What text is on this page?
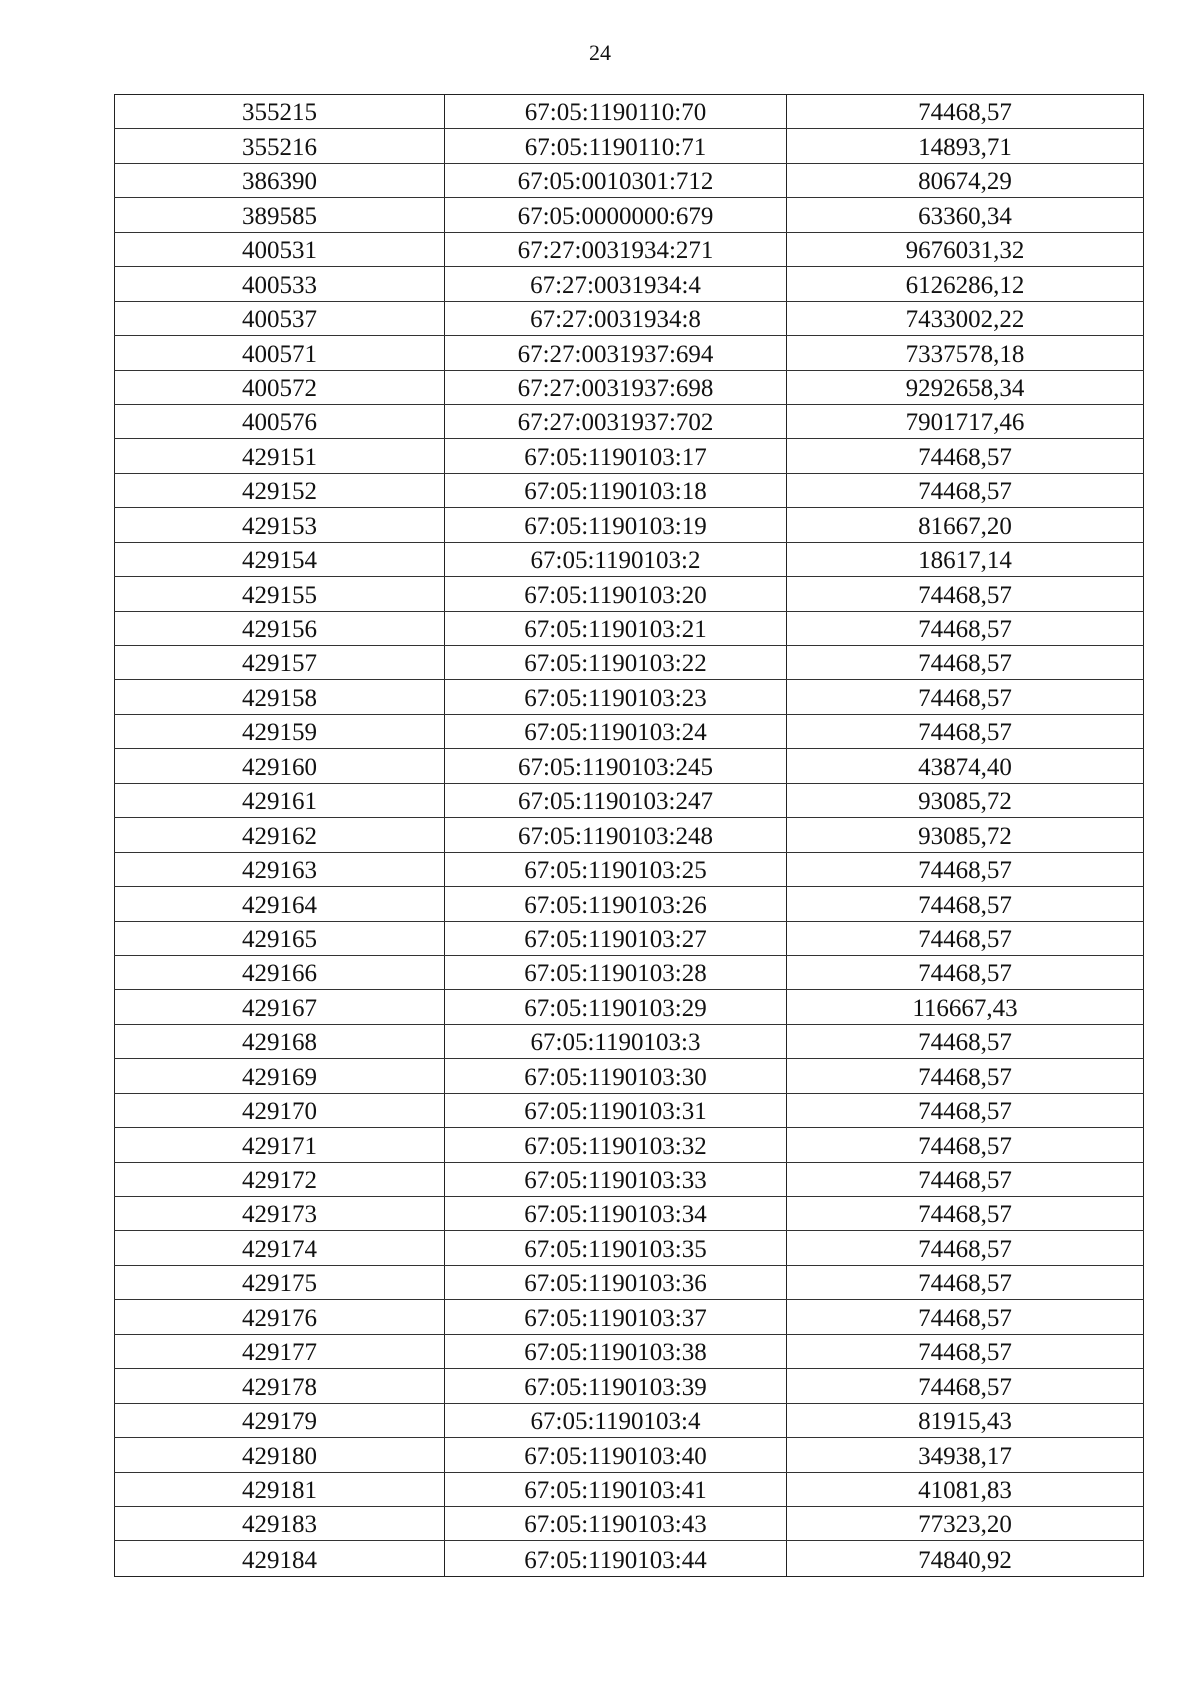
24
355215	67:05:1190110:70	74468,57
355216	67:05:1190110:71	14893,71
386390	67:05:0010301:712	80674,29
389585	67:05:0000000:679	63360,34
400531	67:27:0031934:271	9676031,32
400533	67:27:0031934:4	6126286,12
400537	67:27:0031934:8	7433002,22
400571	67:27:0031937:694	7337578,18
400572	67:27:0031937:698	9292658,34
400576	67:27:0031937:702	7901717,46
429151	67:05:1190103:17	74468,57
429152	67:05:1190103:18	74468,57
429153	67:05:1190103:19	81667,20
429154	67:05:1190103:2	18617,14
429155	67:05:1190103:20	74468,57
429156	67:05:1190103:21	74468,57
429157	67:05:1190103:22	74468,57
429158	67:05:1190103:23	74468,57
429159	67:05:1190103:24	74468,57
429160	67:05:1190103:245	43874,40
429161	67:05:1190103:247	93085,72
429162	67:05:1190103:248	93085,72
429163	67:05:1190103:25	74468,57
429164	67:05:1190103:26	74468,57
429165	67:05:1190103:27	74468,57
429166	67:05:1190103:28	74468,57
429167	67:05:1190103:29	116667,43
429168	67:05:1190103:3	74468,57
429169	67:05:1190103:30	74468,57
429170	67:05:1190103:31	74468,57
429171	67:05:1190103:32	74468,57
429172	67:05:1190103:33	74468,57
429173	67:05:1190103:34	74468,57
429174	67:05:1190103:35	74468,57
429175	67:05:1190103:36	74468,57
429176	67:05:1190103:37	74468,57
429177	67:05:1190103:38	74468,57
429178	67:05:1190103:39	74468,57
429179	67:05:1190103:4	81915,43
429180	67:05:1190103:40	34938,17
429181	67:05:1190103:41	41081,83
429183	67:05:1190103:43	77323,20
429184	67:05:1190103:44	74840,92
